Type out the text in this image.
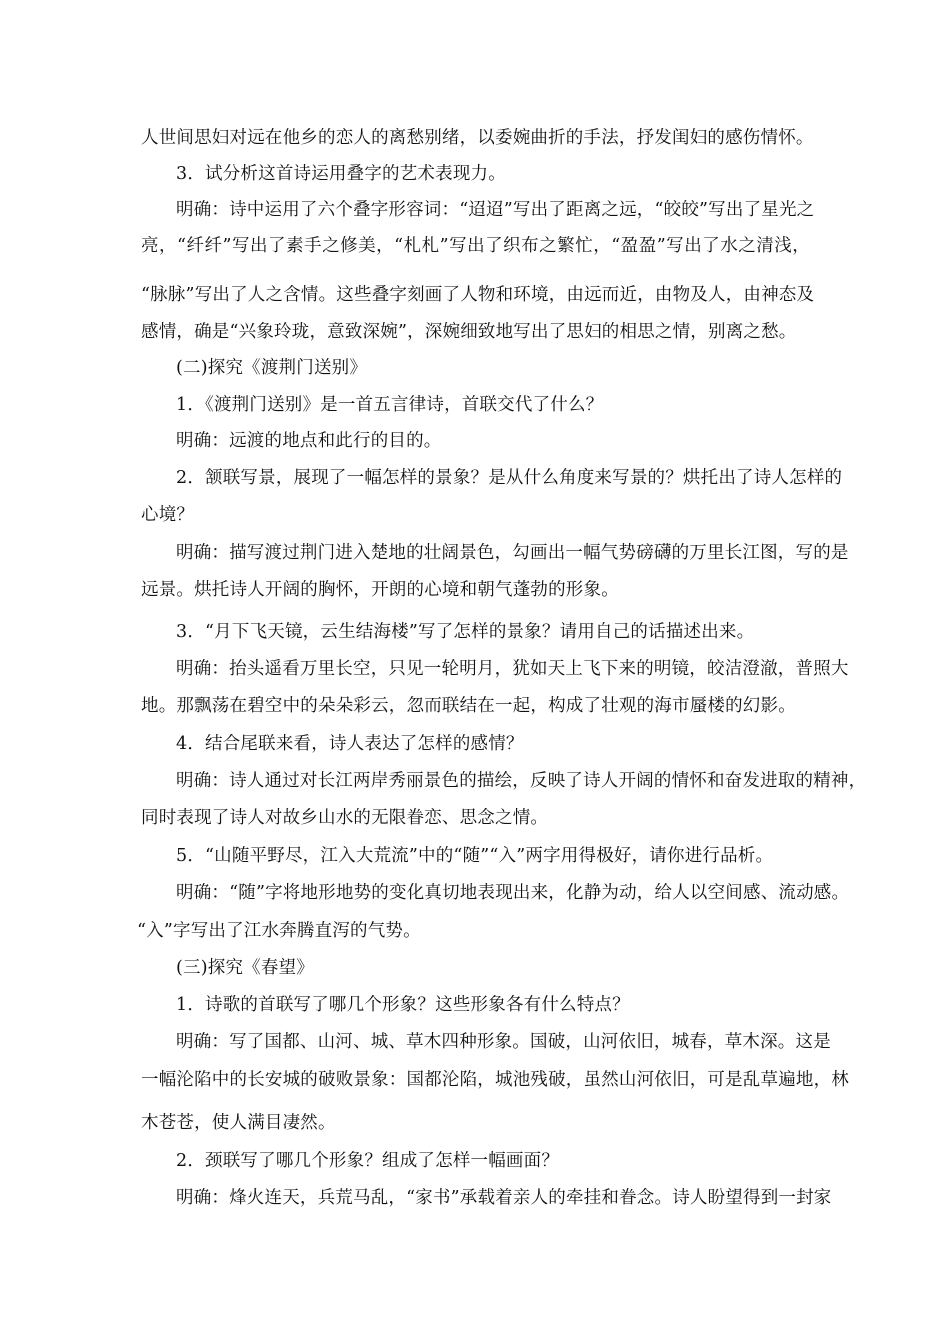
人世间思妇对远在他乡的恋人的离愁别绪，以委婉曲折的手法，抒发闺妇的感伤情怀。
3．试分析这首诗运用叠字的艺术表现力。
明确：诗中运用了六个叠字形容词：“迢迢”写出了距离之远，“皎皎”写出了星光之
亮，“纤纤”写出了素手之修美，“札札”写出了织布之繁忙，“盈盈”写出了水之清浅，
“脉脉”写出了人之含情。这些叠字刻画了人物和环境，由远而近，由物及人，由神态及
感情，确是“兴象玲珑，意致深婉”，深婉细致地写出了思妇的相思之情，别离之愁。
(二)探究《渡荆门送别》
1．《渡荆门送别》是一首五言律诗，首联交代了什么？
明确：远渡的地点和此行的目的。
2．颔联写景，展现了一幅怎样的景象？是从什么角度来写景的？烘托出了诗人怎样的
心境？
明确：描写渡过荆门进入楚地的壮阔景色，勾画出一幅气势磅礴的万里长江图，写的是
远景。烘托诗人开阔的胸怀，开朗的心境和朝气蓬勃的形象。
3．“月下飞天镜，云生结海楼”写了怎样的景象？请用自己的话描述出来。
明确：抬头遥看万里长空，只见一轮明月，犹如天上飞下来的明镜，皎洁澄澈，普照大
地。那飘荡在碧空中的朵朵彩云，忽而联结在一起，构成了壮观的海市蜃楼的幻影。
4．结合尾联来看，诗人表达了怎样的感情？
明确：诗人通过对长江两岸秀丽景色的描绘，反映了诗人开阔的情怀和奋发进取的精神，
同时表现了诗人对故乡山水的无限眷恋、思念之情。
5．“山随平野尽，江入大荒流”中的“随”“入”两字用得极好，请你进行品析。
明确：“随”字将地形地势的变化真切地表现出来，化静为动，给人以空间感、流动感。
“入”字写出了江水奔腾直泻的气势。
(三)探究《春望》
1．诗歌的首联写了哪几个形象？这些形象各有什么特点？
明确：写了国都、山河、城、草木四种形象。国破，山河依旧，城春，草木深。这是
一幅沦陷中的长安城的破败景象：国都沦陷，城池残破，虽然山河依旧，可是乱草遍地，林
木苍苍，使人满目凄然。
2．颈联写了哪几个形象？组成了怎样一幅画面？
明确：烽火连天，兵荒马乱，“家书”承载着亲人的牵挂和眷念。诗人盼望得到一封家
